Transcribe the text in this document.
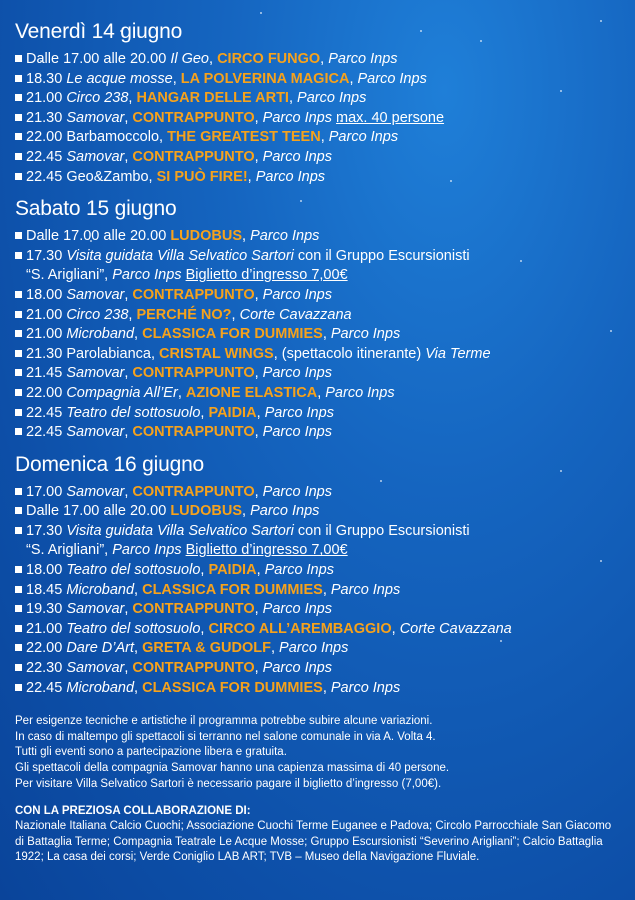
Venerdì 14 giugno
Dalle 17.00 alle 20.00 Il Geo, CIRCO FUNGO, Parco Inps
18.30 Le acque mosse, LA POLVERINA MAGICA, Parco Inps
21.00 Circo 238, HANGAR DELLE ARTI, Parco Inps
21.30 Samovar, CONTRAPPUNTO, Parco Inps max. 40 persone
22.00 Barbamoccolo, THE GREATEST TEEN, Parco Inps
22.45 Samovar, CONTRAPPUNTO, Parco Inps
22.45 Geo&Zambo, SI PUÒ FIRE!, Parco Inps
Sabato 15 giugno
Dalle 17.00 alle 20.00 LUDOBUS, Parco Inps
17.30 Visita guidata Villa Selvatico Sartori con il Gruppo Escursionisti
“S. Arigliani”, Parco Inps Biglietto d’ingresso 7,00€
18.00 Samovar, CONTRAPPUNTO, Parco Inps
21.00 Circo 238, PERCHÉ NO?, Corte Cavazzana
21.00 Microband, CLASSICA FOR DUMMIES, Parco Inps
21.30 Parolabianca, CRISTAL WINGS, (spettacolo itinerante) Via Terme
21.45 Samovar, CONTRAPPUNTO, Parco Inps
22.00 Compagnia All’Er, AZIONE ELASTICA, Parco Inps
22.45 Teatro del sottosuolo, PAIDIA, Parco Inps
22.45 Samovar, CONTRAPPUNTO, Parco Inps
Domenica 16 giugno
17.00 Samovar, CONTRAPPUNTO, Parco Inps
Dalle 17.00 alle 20.00 LUDOBUS, Parco Inps
17.30 Visita guidata Villa Selvatico Sartori con il Gruppo Escursionisti
“S. Arigliani”, Parco Inps Biglietto d’ingresso 7,00€
18.00 Teatro del sottosuolo, PAIDIA, Parco Inps
18.45 Microband, CLASSICA FOR DUMMIES, Parco Inps
19.30 Samovar, CONTRAPPUNTO, Parco Inps
21.00 Teatro del sottosuolo, CIRCO ALL’AREMBAGGIO, Corte Cavazzana
22.00 Dare D’Art, GRETA & GUDOLF, Parco Inps
22.30 Samovar, CONTRAPPUNTO, Parco Inps
22.45 Microband, CLASSICA FOR DUMMIES, Parco Inps
Per esigenze tecniche e artistiche il programma potrebbe subire alcune variazioni.
In caso di maltempo gli spettacoli si terranno nel salone comunale in via A. Volta 4.
Tutti gli eventi sono a partecipazione libera e gratuita.
Gli spettacoli della compagnia Samovar hanno una capienza massima di 40 persone.
Per visitare Villa Selvatico Sartori è necessario pagare il biglietto d’ingresso (7,00€).
CON LA PREZIOSA COLLABORAZIONE DI:
Nazionale Italiana Calcio Cuochi; Associazione Cuochi Terme Euganee e Padova; Circolo Parrocchiale San Giacomo di Battaglia Terme; Compagnia Teatrale Le Acque Mosse; Gruppo Escursionisti “Severino Arigliani”; Calcio Battaglia 1922; La casa dei corsi; Verde Coniglio LAB ART; TVB – Museo della Navigazione Fluviale.
